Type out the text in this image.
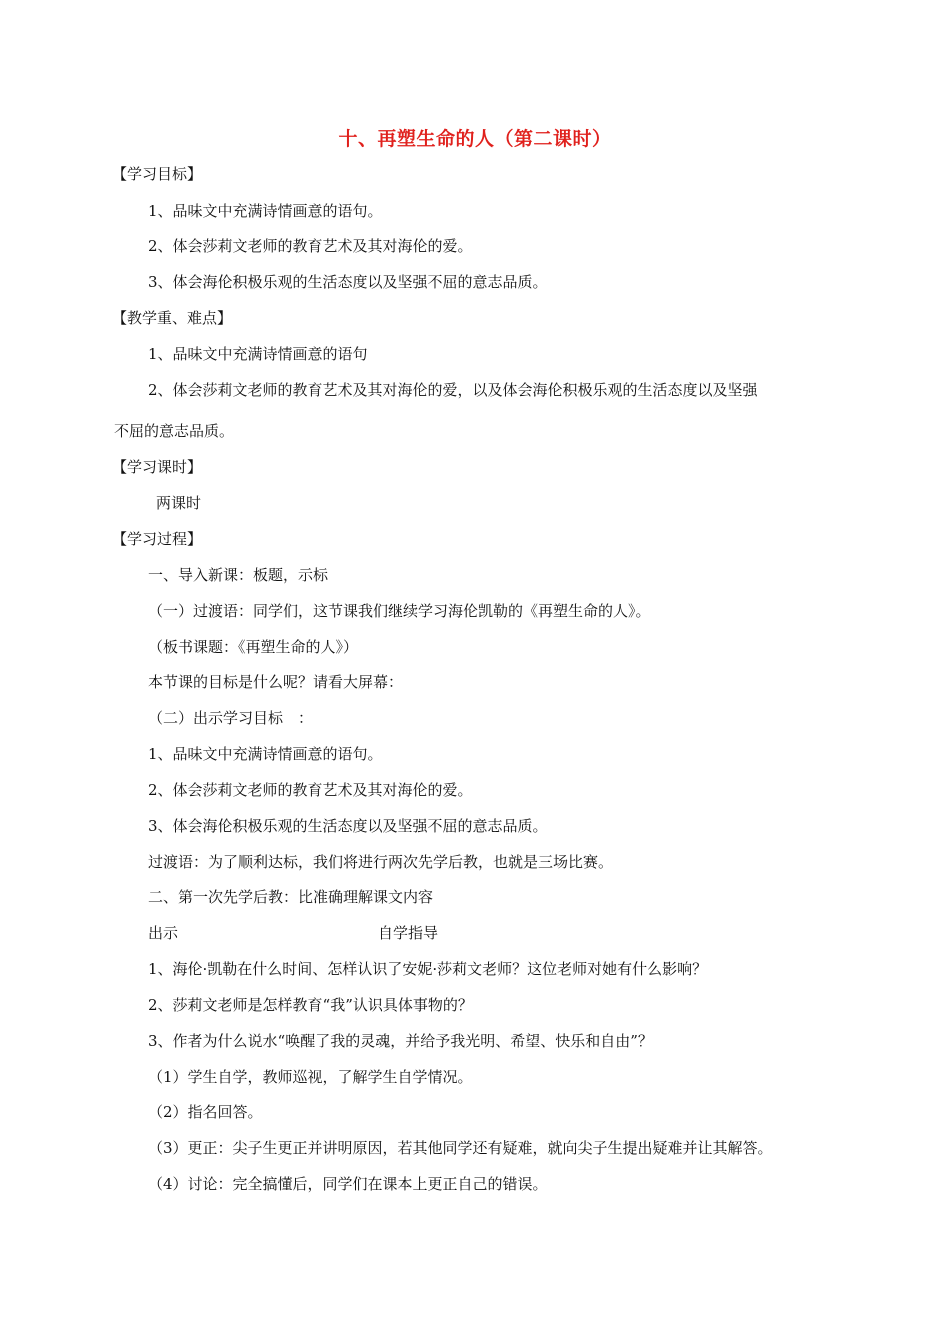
十、再塑生命的人（第二课时）
【学习目标】
1、品味文中充满诗情画意的语句。
2、体会莎莉文老师的教育艺术及其对海伦的爱。
3、体会海伦积极乐观的生活态度以及坚强不屈的意志品质。
【教学重、难点】
1、品味文中充满诗情画意的语句
2、体会莎莉文老师的教育艺术及其对海伦的爱，以及体会海伦积极乐观的生活态度以及坚强
不屈的意志品质。
【学习课时】
两课时
【学习过程】
一、导入新课：板题，示标
（一）过渡语：同学们，这节课我们继续学习海伦凯勒的《再塑生命的人》。
（板书课题：《再塑生命的人》）
本节课的目标是什么呢？请看大屏幕：
（二）出示学习目标　：
1、品味文中充满诗情画意的语句。
2、体会莎莉文老师的教育艺术及其对海伦的爱。
3、体会海伦积极乐观的生活态度以及坚强不屈的意志品质。
过渡语：为了顺利达标，我们将进行两次先学后教，也就是三场比赛。
二、第一次先学后教：比准确理解课文内容
出示	自学指导
1、海伦·凯勒在什么时间、怎样认识了安妮·莎莉文老师？这位老师对她有什么影响？
2、莎莉文老师是怎样教育“我”认识具体事物的？
3、作者为什么说水“唤醒了我的灵魂，并给予我光明、希望、快乐和自由”？
（1）学生自学，教师巡视，了解学生自学情况。
（2）指名回答。
（3）更正：尖子生更正并讲明原因，若其他同学还有疑难，就向尖子生提出疑难并让其解答。
（4）讨论：完全搞懂后，同学们在课本上更正自己的错误。
